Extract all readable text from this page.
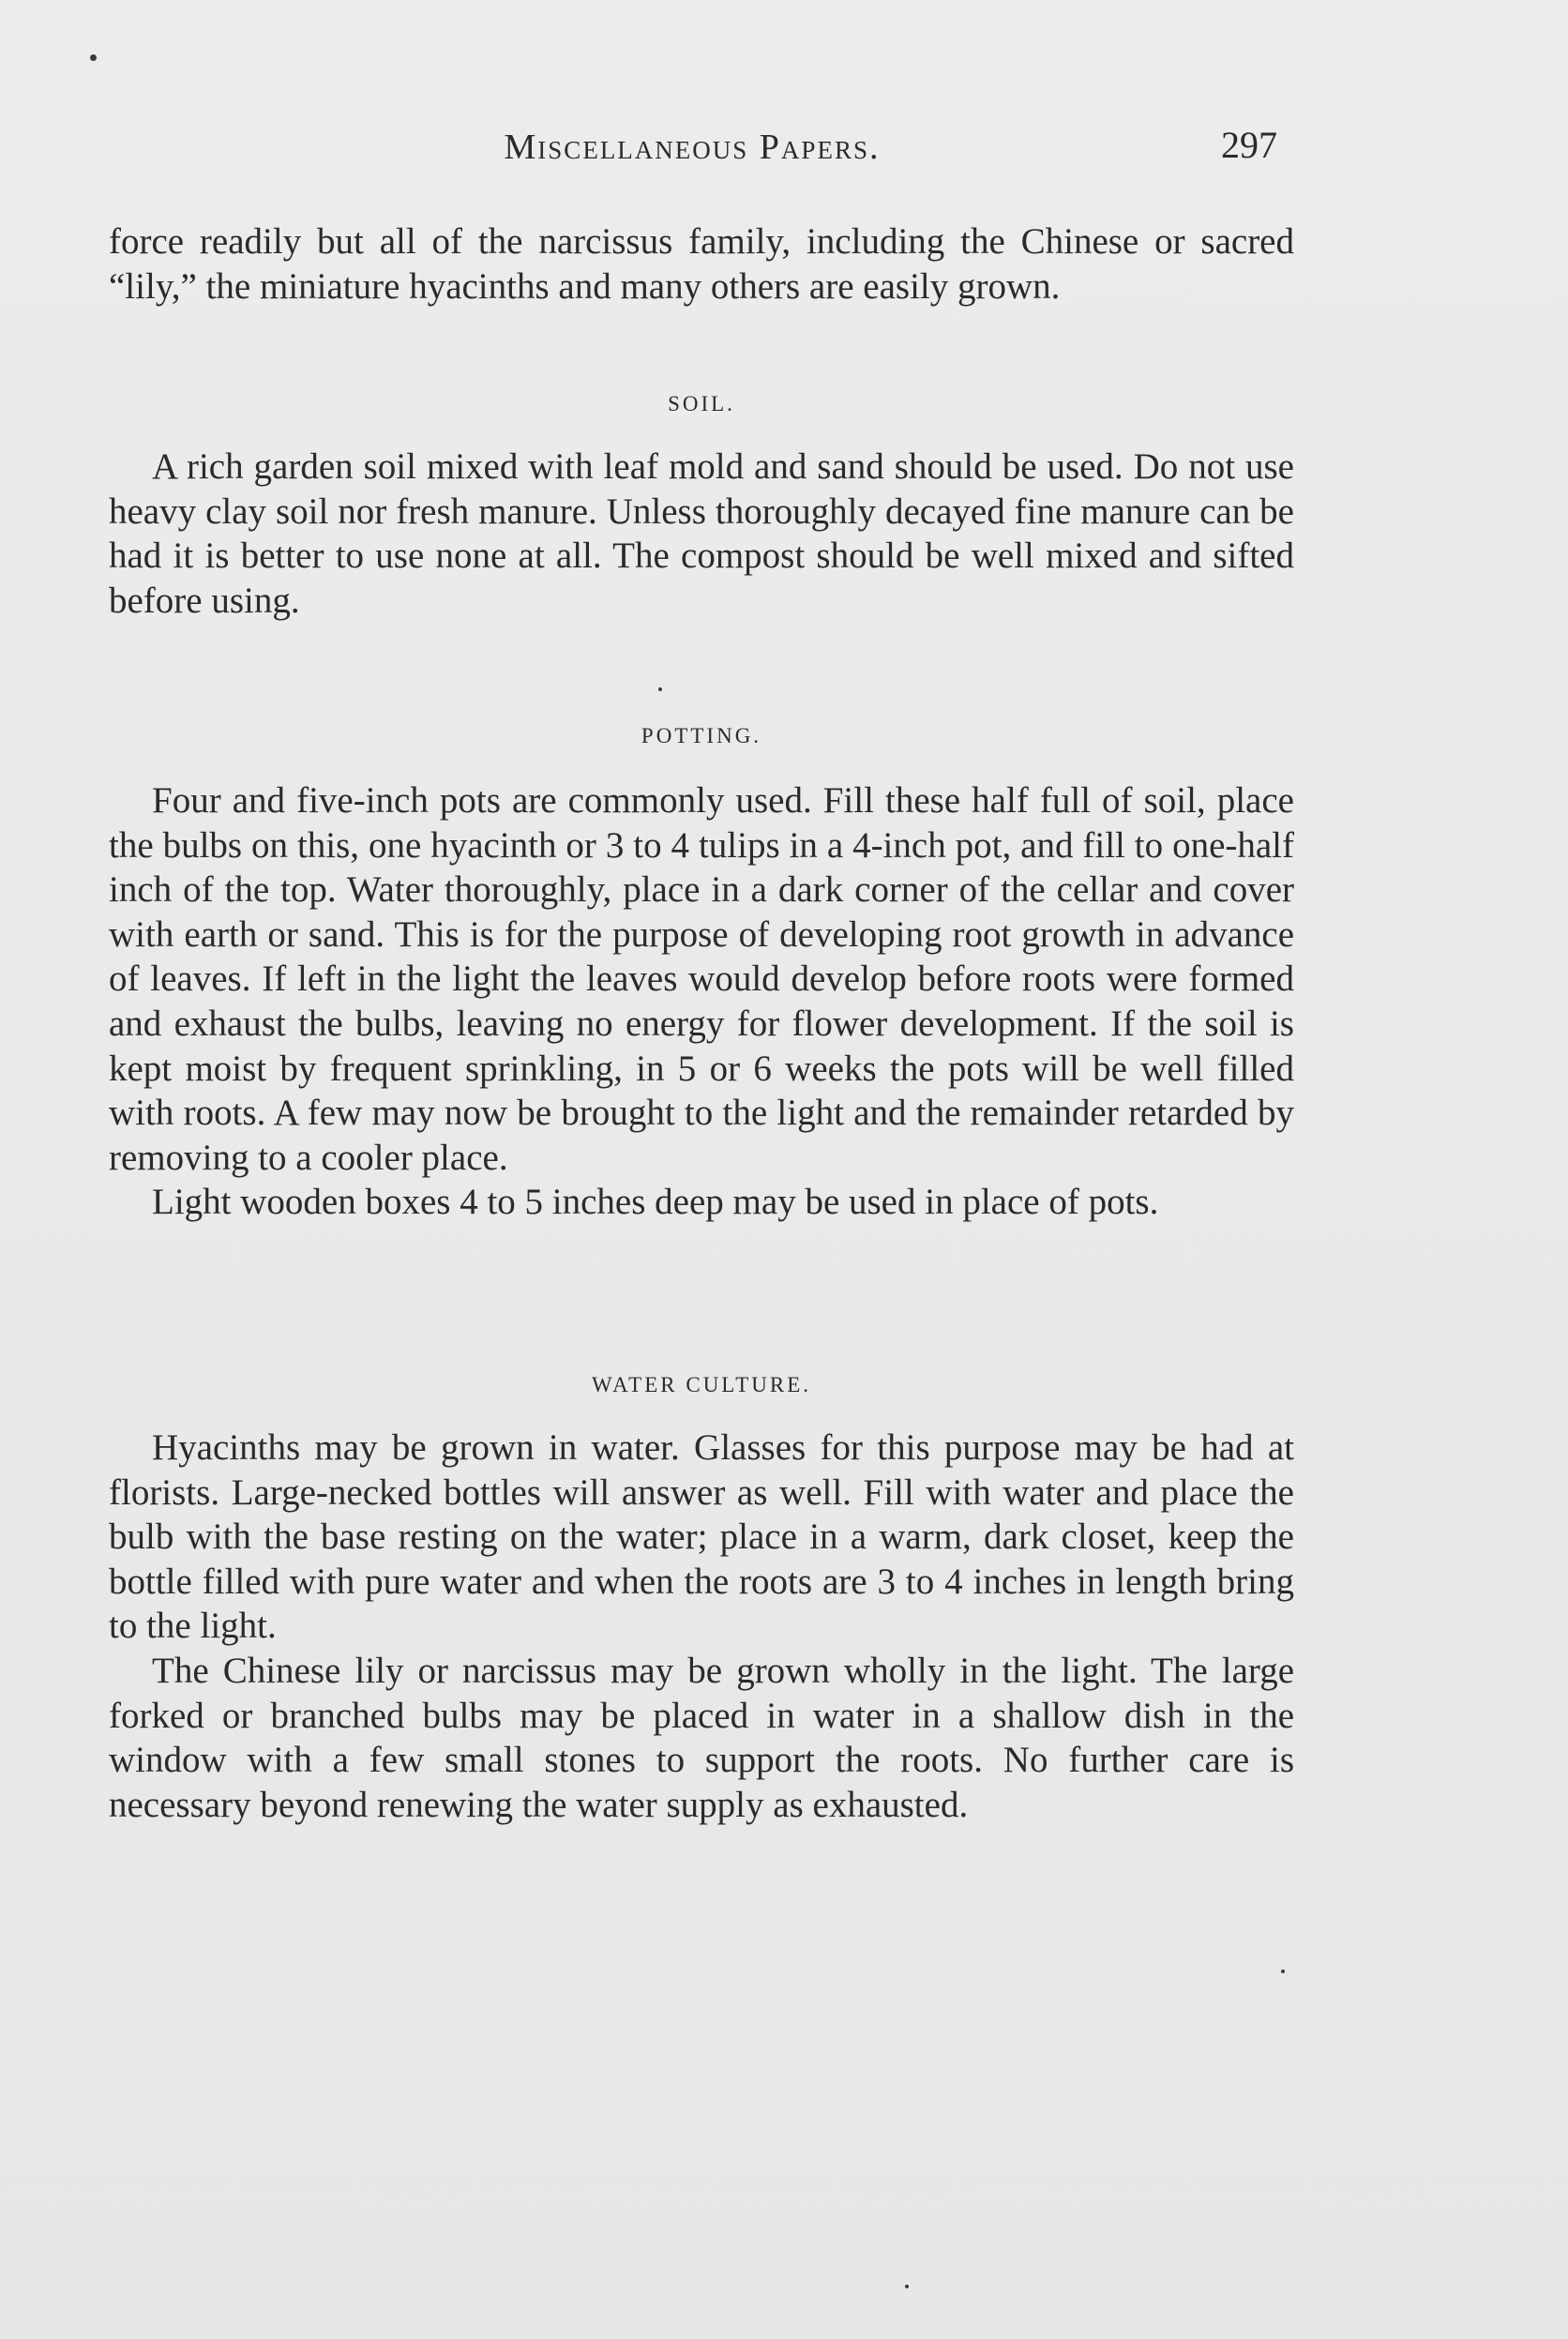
Miscellaneous Papers.	297

force readily but all of the narcissus family, including the Chinese or sacred “lily,” the miniature hyacinths and many others are easily grown.

SOIL.

A rich garden soil mixed with leaf mold and sand should be used. Do not use heavy clay soil nor fresh manure. Unless thoroughly decayed fine manure can be had it is better to use none at all. The compost should be well mixed and sifted before using.

POTTING.

Four and five-inch pots are commonly used. Fill these half full of soil, place the bulbs on this, one hyacinth or 3 to 4 tulips in a 4-inch pot, and fill to one-half inch of the top. Water thoroughly, place in a dark corner of the cellar and cover with earth or sand. This is for the purpose of developing root growth in advance of leaves. If left in the light the leaves would develop before roots were formed and exhaust the bulbs, leaving no energy for flower development. If the soil is kept moist by frequent sprinkling, in 5 or 6 weeks the pots will be well filled with roots. A few may now be brought to the light and the remainder retarded by removing to a cooler place.

Light wooden boxes 4 to 5 inches deep may be used in place of pots.

WATER CULTURE.

Hyacinths may be grown in water. Glasses for this purpose may be had at florists. Large-necked bottles will answer as well. Fill with water and place the bulb with the base resting on the water; place in a warm, dark closet, keep the bottle filled with pure water and when the roots are 3 to 4 inches in length bring to the light.

The Chinese lily or narcissus may be grown wholly in the light. The large forked or branched bulbs may be placed in water in a shallow dish in the window with a few small stones to support the roots. No further care is necessary beyond renewing the water supply as exhausted.
